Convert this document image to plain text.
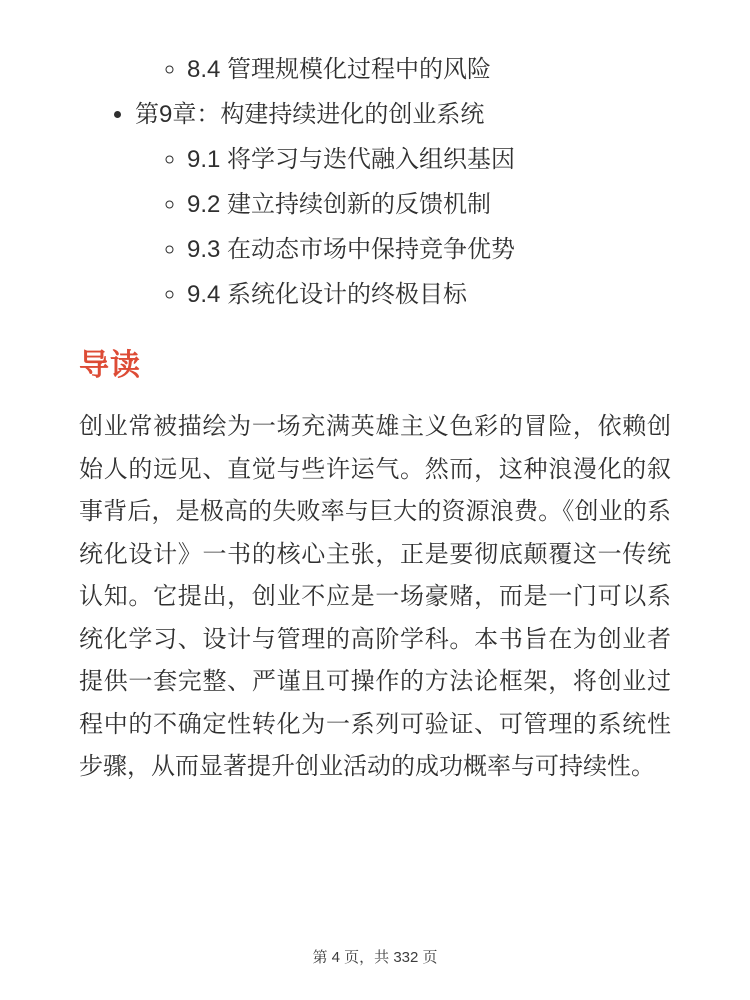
◦ 8.4 管理规模化过程中的风险
• 第9章：构建持续进化的创业系统
◦ 9.1 将学习与迭代融入组织基因
◦ 9.2 建立持续创新的反馈机制
◦ 9.3 在动态市场中保持竞争优势
◦ 9.4 系统化设计的终极目标
导读

创业常被描绘为一场充满英雄主义色彩的冒险，依赖创始人的远见、直觉与些许运气。然而，这种浪漫化的叙事背后，是极高的失败率与巨大的资源浪费。《创业的系统化设计》一书的核心主张，正是要彻底颠覆这一传统认知。它提出，创业不应是一场豪赌，而是一门可以系统化学习、设计与管理的高阶学科。本书旨在为创业者提供一套完整、严谨且可操作的方法论框架，将创业过程中的不确定性转化为一系列可验证、可管理的系统性步骤，从而显著提升创业活动的成功概率与可持续性。

第 4 页，共 332 页
